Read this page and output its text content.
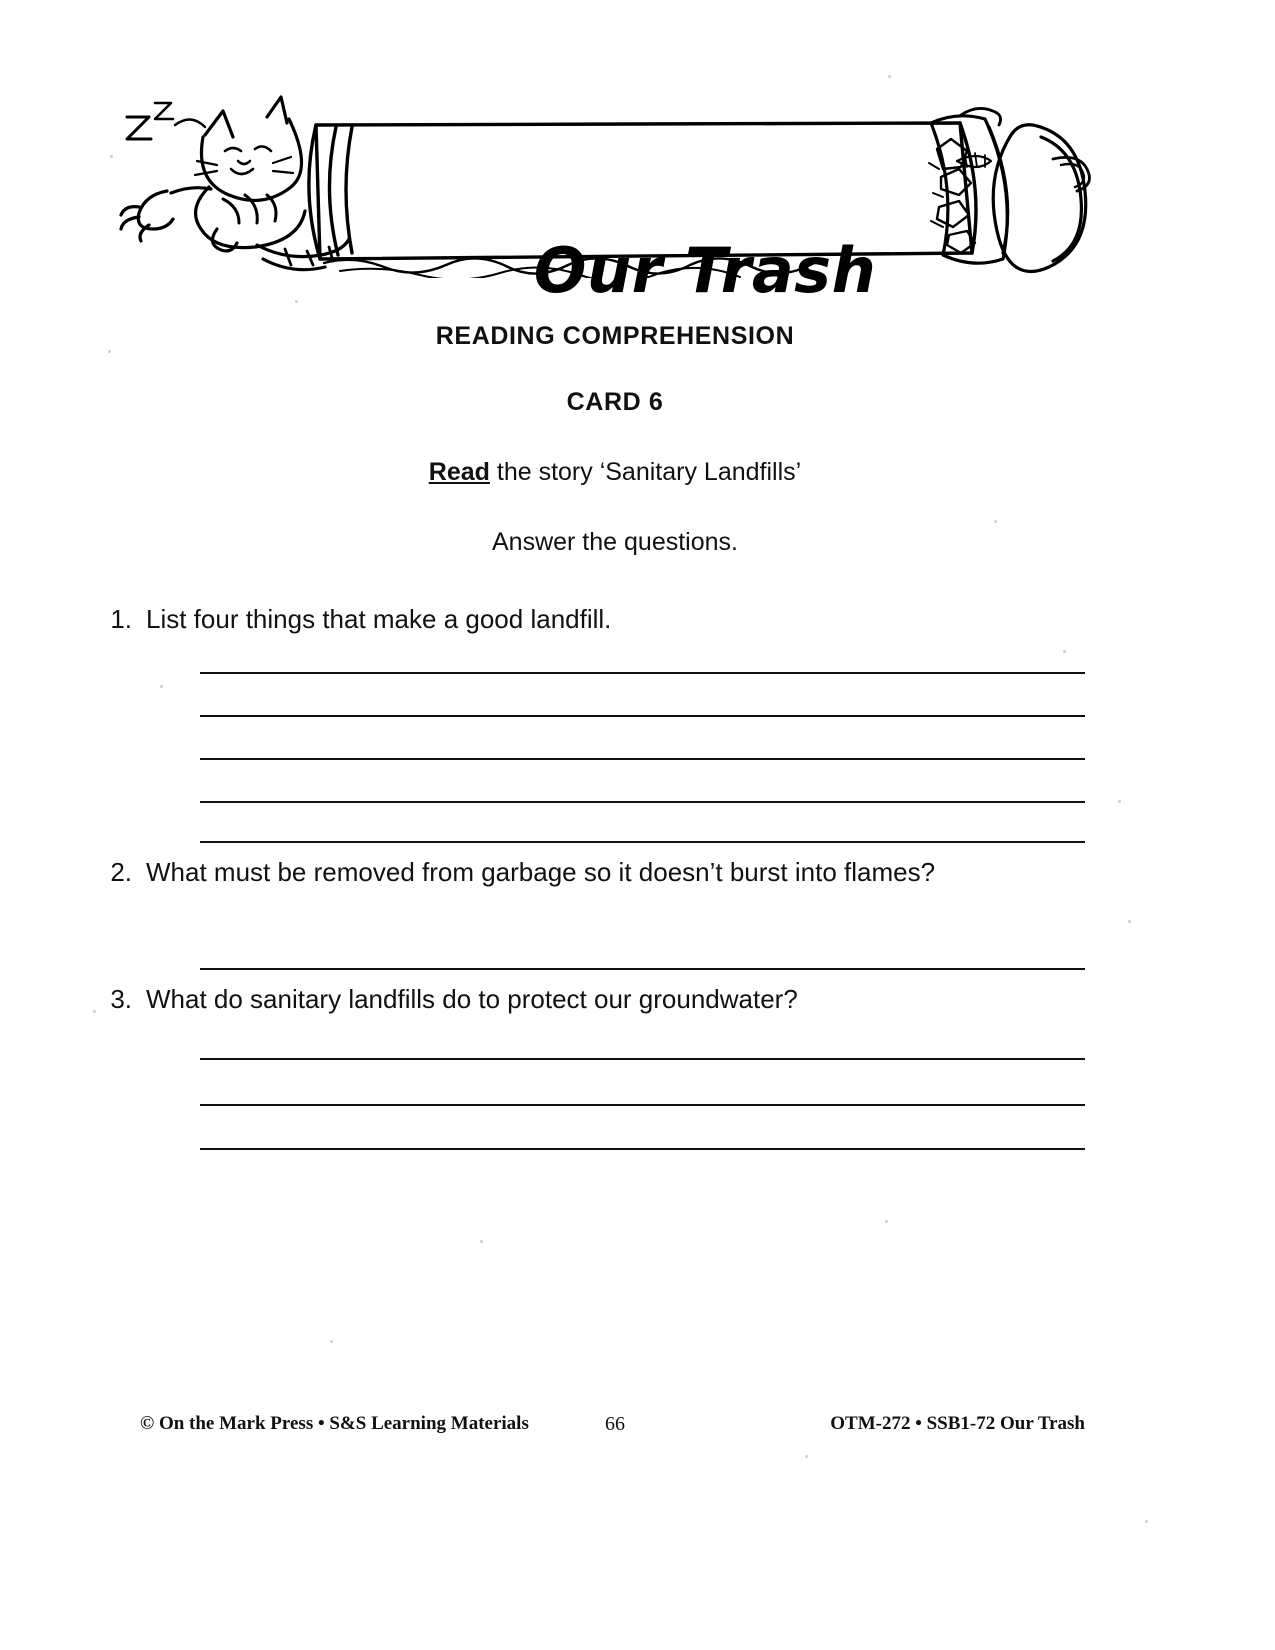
Our Trash
READING COMPREHENSION
CARD 6
Read the story ‘Sanitary Landfills’
Answer the questions.
1. List four things that make a good landfill.
2. What must be removed from garbage so it doesn’t burst into flames?
3. What do sanitary landfills do to protect our groundwater?
© On the Mark Press • S&S Learning Materials	66	OTM-272 • SSB1-72 Our Trash
